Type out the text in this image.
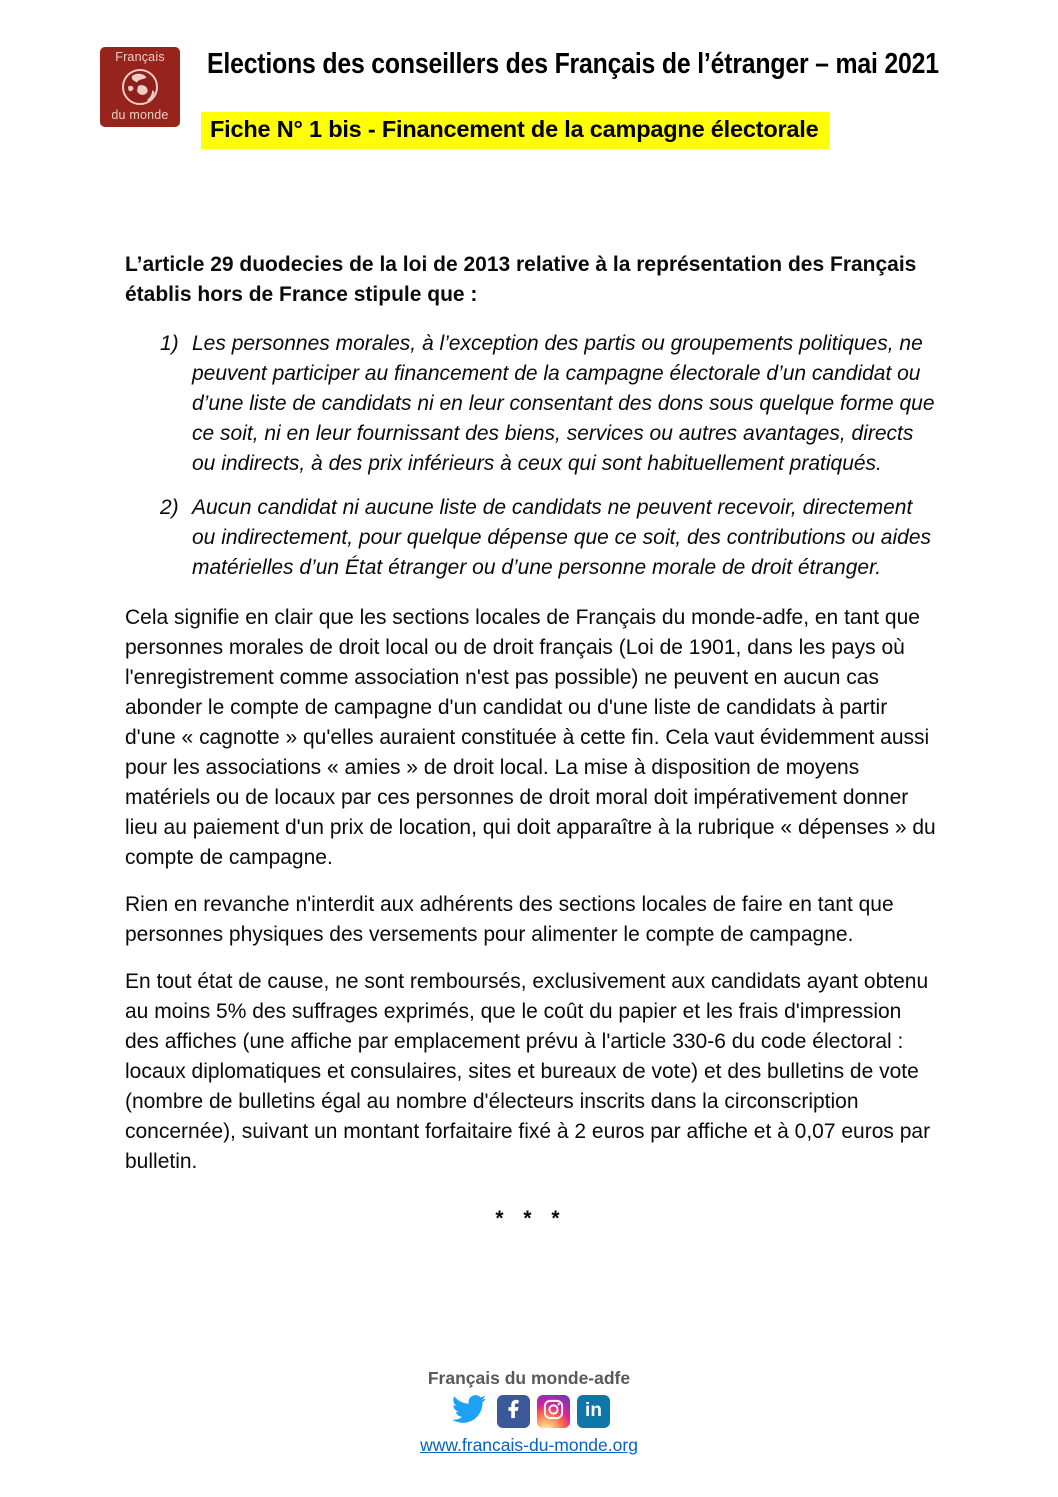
Français
du monde
Elections des conseillers des Français de l’étranger – mai 2021
Fiche N° 1 bis - Financement de la campagne électorale

L’article 29 duodecies de la loi de 2013 relative à la représentation des Français établis hors de France stipule que :

1) Les personnes morales, à l’exception des partis ou groupements politiques, ne peuvent participer au financement de la campagne électorale d’un candidat ou d’une liste de candidats ni en leur consentant des dons sous quelque forme que ce soit, ni en leur fournissant des biens, services ou autres avantages, directs ou indirects, à des prix inférieurs à ceux qui sont habituellement pratiqués.
2) Aucun candidat ni aucune liste de candidats ne peuvent recevoir, directement ou indirectement, pour quelque dépense que ce soit, des contributions ou aides matérielles d’un État étranger ou d’une personne morale de droit étranger.

Cela signifie en clair que les sections locales de Français du monde-adfe, en tant que personnes morales de droit local ou de droit français (Loi de 1901, dans les pays où l'enregistrement comme association n'est pas possible) ne peuvent en aucun cas abonder le compte de campagne d'un candidat ou d'une liste de candidats à partir d'une « cagnotte » qu'elles auraient constituée à cette fin. Cela vaut évidemment aussi pour les associations « amies » de droit local. La mise à disposition de moyens matériels ou de locaux par ces personnes de droit moral doit impérativement donner lieu au paiement d'un prix de location, qui doit apparaître à la rubrique « dépenses » du compte de campagne.

Rien en revanche n'interdit aux adhérents des sections locales de faire en tant que personnes physiques des versements pour alimenter le compte de campagne.

En tout état de cause, ne sont remboursés, exclusivement aux candidats ayant obtenu au moins 5% des suffrages exprimés, que le coût du papier et les frais d'impression des affiches (une affiche par emplacement prévu à l'article 330-6 du code électoral : locaux diplomatiques et consulaires, sites et bureaux de vote) et des bulletins de vote (nombre de bulletins égal au nombre d'électeurs inscrits dans la circonscription concernée), suivant un montant forfaitaire fixé à 2 euros par affiche et à 0,07 euros par bulletin.

* * *
Français du monde-adfe
in
www.francais-du-monde.org
